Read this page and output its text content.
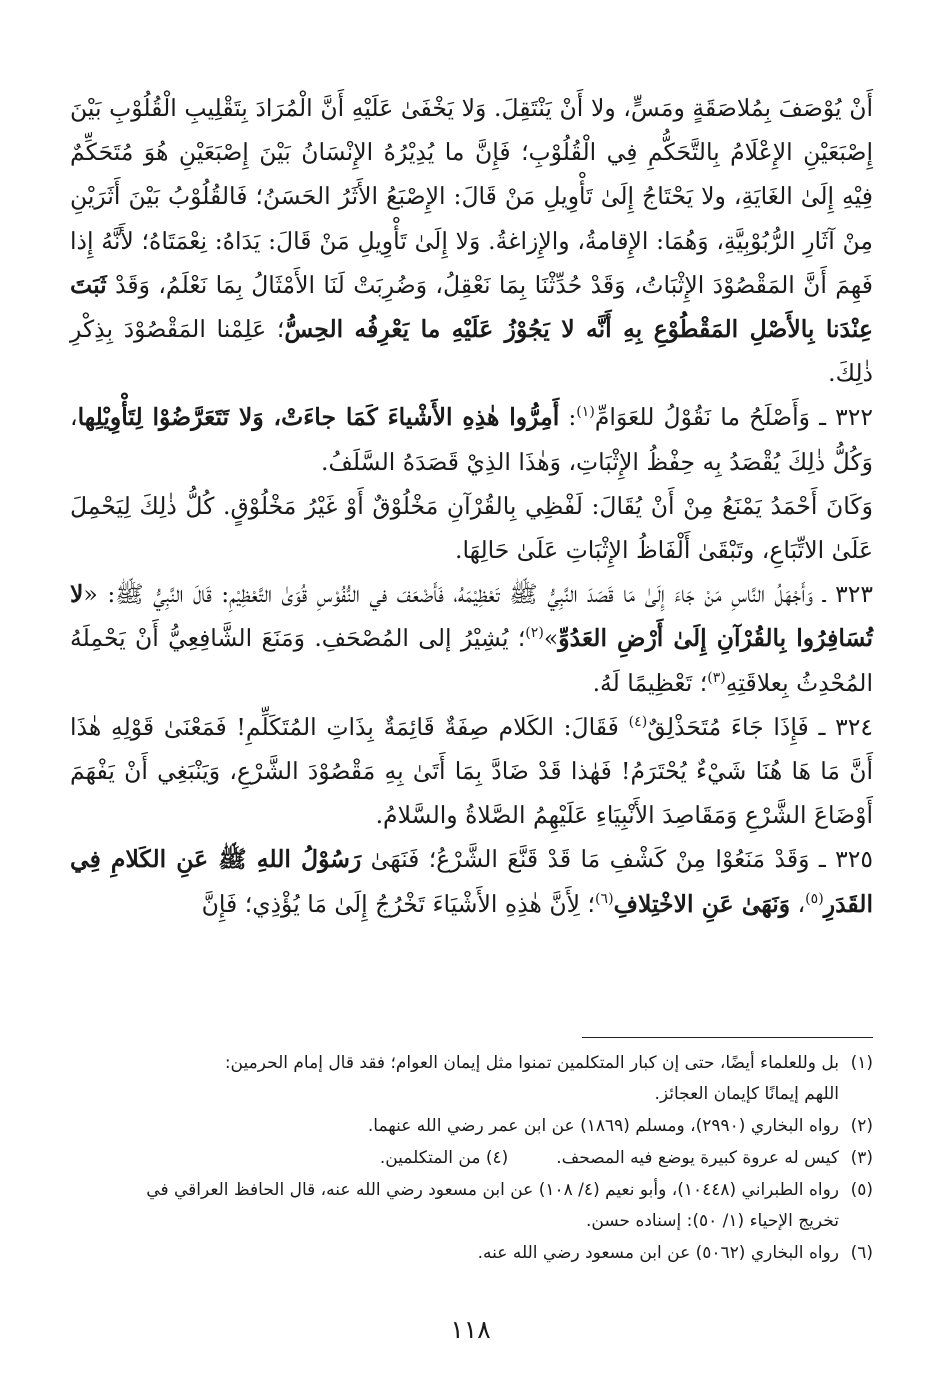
أَنْ يُوْصَفَ بِمُلاصَقَةٍ ومَسٍّ، ولا أَنْ يَنْتَقِلَ. وَلا يَخْفَىٰ عَلَيْهِ أَنَّ الْمُرَادَ بِتَقْلِيبِ الْقُلُوْبِ بَيْنَ إِصْبَعَيْنِ الإِعْلَامُ بِالتَّحَكُّمِ فِي الْقُلُوْبِ؛ فَإِنَّ ما يُدِيْرُهُ الإِنْسَانُ بَيْنَ إِصْبَعَيْنِ هُوَ مُتَحَكِّمٌ فِيْهِ إِلَىٰ الغَايَةِ، ولا يَحْتَاجُ إِلَىٰ تَأْوِيلِ مَنْ قَالَ: الإِصْبَعُ الأَثَرُ الحَسَنُ؛ فَالقُلُوْبُ بَيْنَ أَثَرَيْنِ مِنْ آثَارِ الرُّبُوْبِيَّةِ، وَهُمَا: الإِقامةُ، والإِزاغةُ. وَلا إِلَىٰ تَأْوِيلِ مَنْ قَالَ: يَدَاهُ: نِعْمَتَاهُ؛ لأَنَّهُ إِذا فَهِمَ أَنَّ المَقْصُوْدَ الإِثْبَاتُ، وَقَدْ حُدِّثْنَا بِمَا نَعْقِلُ، وَضُرِبَتْ لَنَا الأَمْثَالُ بِمَا نَعْلَمُ، وَقَدْ ثَبَتَ عِنْدَنا بِالأَصْلِ المَقْطُوْعِ بِهِ أَنَّه لا يَجُوْزُ عَلَيْهِ ما يَعْرِفُه الحِسُّ؛ عَلِمْنا المَقْصُوْدَ بِذِكْرِ ذٰلِكَ.

٣٢٢ ـ وَأَصْلَحُ ما نَقُوْلُ للعَوَامِّ$^{(١)}$: أَمِرُّوا هٰذِهِ الأَشْياءَ كَمَا جاءَتْ، وَلا تَتَعَرَّضُوْا لِتَأْوِيْلِها، وَكُلُّ ذٰلِكَ يُقْصَدُ بِه حِفْظُ الإِثْبَاتِ، وَهٰذَا الذِيْ قَصَدَهُ السَّلَفُ.

وَكَانَ أَحْمَدُ يَمْنَعُ مِنْ أَنْ يُقَالَ: لَفْظِي بِالقُرْآنِ مَخْلُوْقٌ أَوْ غَيْرُ مَخْلُوْقٍ. كُلُّ ذٰلِكَ لِيَحْمِلَ عَلَىٰ الاتِّبَاعِ، وتَبْقَىٰ أَلْفَاظُ الإِثْبَاتِ عَلَىٰ حَالِهَا.

٣٢٣ ـ وَأَجْهَلُ النَّاسِ مَنْ جَاءَ إِلَىٰ مَا قَصَدَ النَّبِيُّ ﷺ تَعْظِيْمَهُ، فَأَضْعَفَ في النُّفُوْسِ قُوَىٰ التَّعْظِيْمِ: قَالَ النَّبِيُّ ﷺ: «لا تُسَافِرُوا بِالقُرْآنِ إِلَىٰ أَرْضِ العَدُوِّ»$^{(٢)}$؛ يُشِيْرُ إلى المُصْحَفِ. وَمَنَعَ الشَّافِعِيُّ أَنْ يَحْمِلَهُ المُحْدِثُ بِعلاقَتِهِ$^{(٣)}$؛ تَعْظِيمًا لَهُ.

٣٢٤ ـ فَإِذَا جَاءَ مُتَحَذْلِقٌ$^{(٤)}$ فَقَالَ: الكَلام صِفَةٌ قَائِمَةٌ بِذَاتِ المُتَكَلِّمِ! فَمَعْنَىٰ قَوْلِهِ هٰذَا أَنَّ مَا هَا هُنَا شَيْءٌ يُحْتَرَمُ! فَهٰذا قَدْ ضَادَّ بِمَا أَتَىٰ بِهِ مَقْصُوْدَ الشَّرْعِ، وَيَنْبَغِي أَنْ يَفْهَمَ أَوْضَاعَ الشَّرْعِ وَمَقَاصِدَ الأَنْبِيَاءِ عَلَيْهِمُ الصَّلاةُ والسَّلامُ.

٣٢٥ ـ وَقَدْ مَنَعُوْا مِنْ كَشْفِ مَا قَدْ قَنَّعَ الشَّرْعُ؛ فَنَهَىٰ رَسُوْلُ اللهِ ﷺ عَنِ الكَلامِ فِي القَدَرِ$^{(٥)}$، وَنَهَىٰ عَنِ الاخْتِلافِ$^{(٦)}$؛ لِأَنَّ هٰذِهِ الأَشْيَاءَ تَخْرُجُ إِلَىٰ مَا يُؤْذِي؛ فَإِنَّ

(١)بل وللعلماء أيضًا، حتى إن كبار المتكلمين تمنوا مثل إيمان العوام؛ فقد قال إمام الحرمين:
اللهم إيمانًا كإيمان العجائز.
(٢)رواه البخاري (٢٩٩٠)، ومسلم (١٨٦٩) عن ابن عمر رضي الله عنهما.
(٣)كيس له عروة كبيرة يوضع فيه المصحف.(٤) من المتكلمين.
(٥)رواه الطبراني (١٠٤٤٨)، وأبو نعيم (٤/ ١٠٨) عن ابن مسعود رضي الله عنه، قال الحافظ العراقي في
تخريج الإحياء (١/ ٥٠): إسناده حسن.
(٦)رواه البخاري (٥٠٦٢) عن ابن مسعود رضي الله عنه.
١١٨
